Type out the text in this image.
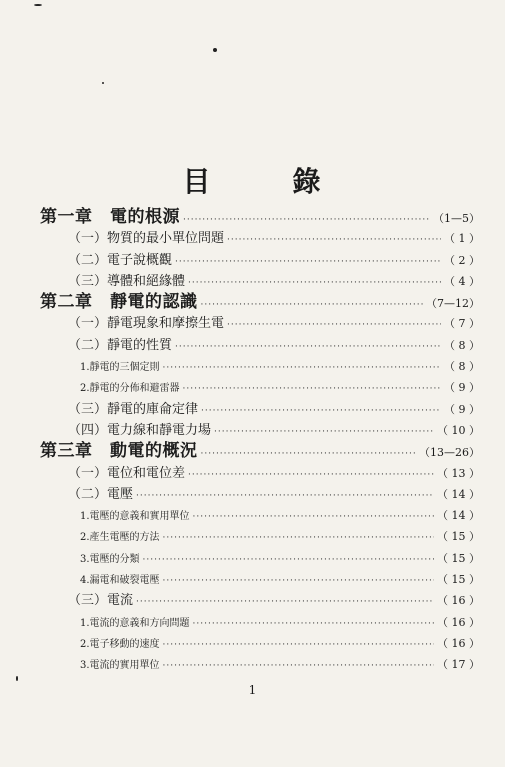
目	錄
第一章　電的根源 ·····	（1—5）
（一）物質的最小單位問題 ·····	（ 1 ）
（二）電子說概觀 ·····	（ 2 ）
（三）導體和絕緣體 ·····	（ 4 ）
第二章　靜電的認識 ·····	（7—12）
（一）靜電現象和摩擦生電 ·····	（ 7 ）
（二）靜電的性質 ·····	（ 8 ）
1.靜電的三個定則 ·····	（ 8 ）
2.靜電的分佈和避雷器 ·····	（ 9 ）
（三）靜電的庫侖定律 ·····	（ 9 ）
（四）電力線和靜電力場 ·····	（ 10 ）
第三章　動電的概況 ·····	（13—26）
（一）電位和電位差 ·····	（ 13 ）
（二）電壓 ·····	（ 14 ）
1.電壓的意義和實用單位 ·····	（ 14 ）
2.產生電壓的方法 ·····	（ 15 ）
3.電壓的分類 ·····	（ 15 ）
4.漏電和破裂電壓 ·····	（ 15 ）
（三）電流 ·····	（ 16 ）
1.電流的意義和方向問題 ·····	（ 16 ）
2.電子移動的速度 ·····	（ 16 ）
3.電流的實用單位 ·····	（ 17 ）
1
